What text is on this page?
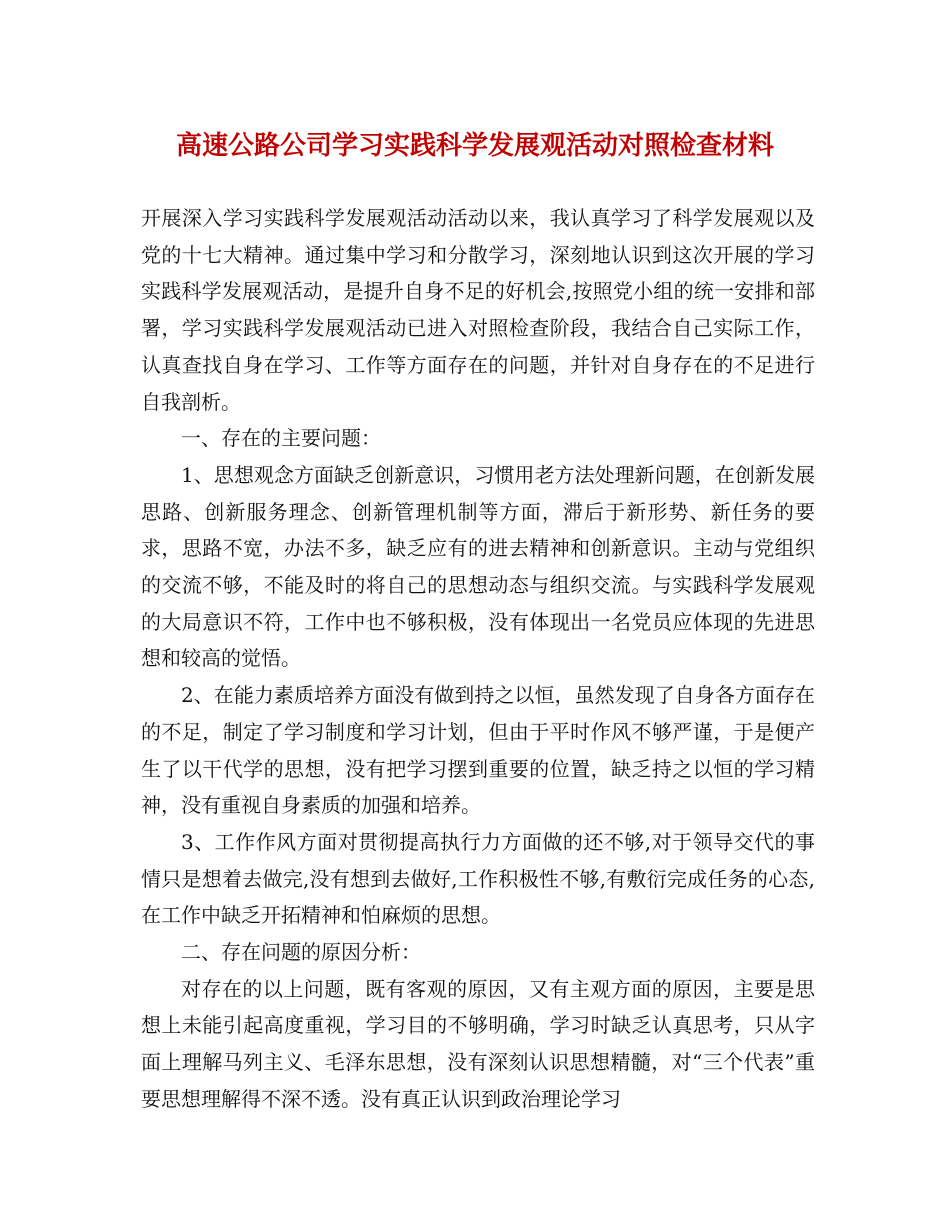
高速公路公司学习实践科学发展观活动对照检查材料

开展深入学习实践科学发展观活动活动以来，我认真学习了科学发展观以及党的十七大精神。通过集中学习和分散学习，深刻地认识到这次开展的学习实践科学发展观活动，是提升自身不足的好机会,按照党小组的统一安排和部署，学习实践科学发展观活动已进入对照检查阶段，我结合自己实际工作，认真查找自身在学习、工作等方面存在的问题，并针对自身存在的不足进行自我剖析。

一、存在的主要问题：

1、思想观念方面缺乏创新意识，习惯用老方法处理新问题，在创新发展思路、创新服务理念、创新管理机制等方面，滞后于新形势、新任务的要求，思路不宽，办法不多，缺乏应有的进去精神和创新意识。主动与党组织的交流不够，不能及时的将自己的思想动态与组织交流。与实践科学发展观的大局意识不符，工作中也不够积极，没有体现出一名党员应体现的先进思想和较高的觉悟。

2、在能力素质培养方面没有做到持之以恒，虽然发现了自身各方面存在的不足，制定了学习制度和学习计划，但由于平时作风不够严谨，于是便产生了以干代学的思想，没有把学习摆到重要的位置，缺乏持之以恒的学习精神，没有重视自身素质的加强和培养。

3、工作作风方面对贯彻提高执行力方面做的还不够,对于领导交代的事情只是想着去做完,没有想到去做好,工作积极性不够,有敷衍完成任务的心态,在工作中缺乏开拓精神和怕麻烦的思想。

二、存在问题的原因分析：

对存在的以上问题，既有客观的原因，又有主观方面的原因，主要是思想上未能引起高度重视，学习目的不够明确，学习时缺乏认真思考，只从字面上理解马列主义、毛泽东思想，没有深刻认识思想精髓，对“三个代表”重要思想理解得不深不透。没有真正认识到政治理论学习
